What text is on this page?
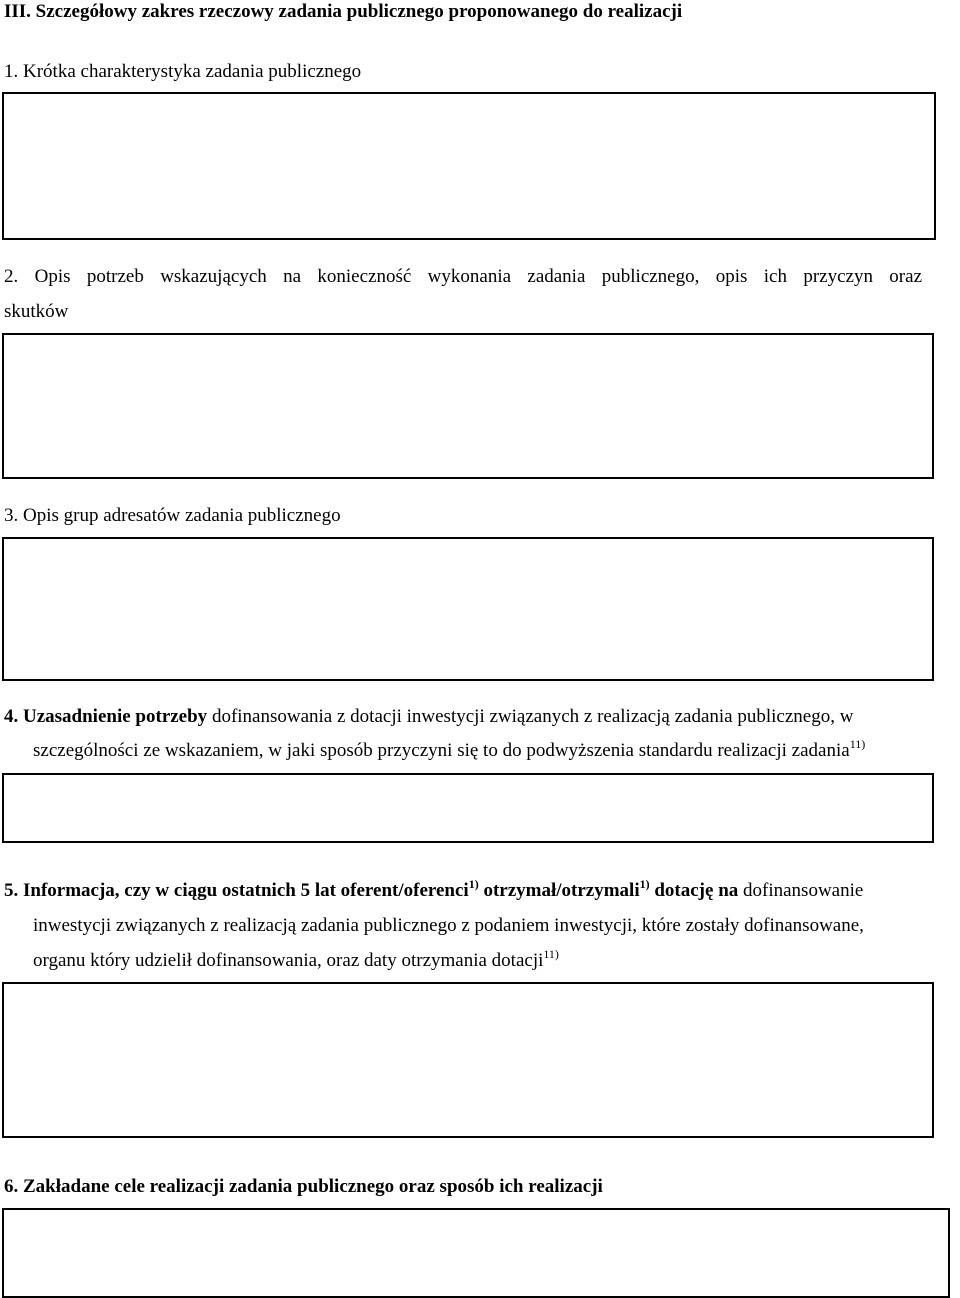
III. Szczegółowy zakres rzeczowy zadania publicznego proponowanego do realizacji
1. Krótka charakterystyka zadania publicznego
2. Opis potrzeb wskazujących na konieczność wykonania zadania publicznego, opis ich przyczyn oraz
skutków
3. Opis grup adresatów zadania publicznego
4. Uzasadnienie potrzeby dofinansowania z dotacji inwestycji związanych z realizacją zadania publicznego, w
szczególności ze wskazaniem, w jaki sposób przyczyni się to do podwyższenia standardu realizacji zadania$^{11)}$
5. Informacja, czy w ciągu ostatnich 5 lat oferent/oferenci$^{1)}$ otrzymał/otrzymali$^{1)}$ dotację na dofinansowanie
inwestycji związanych z realizacją zadania publicznego z podaniem inwestycji, które zostały dofinansowane,
organu który udzielił dofinansowania, oraz daty otrzymania dotacji$^{11)}$
6. Zakładane cele realizacji zadania publicznego oraz sposób ich realizacji
